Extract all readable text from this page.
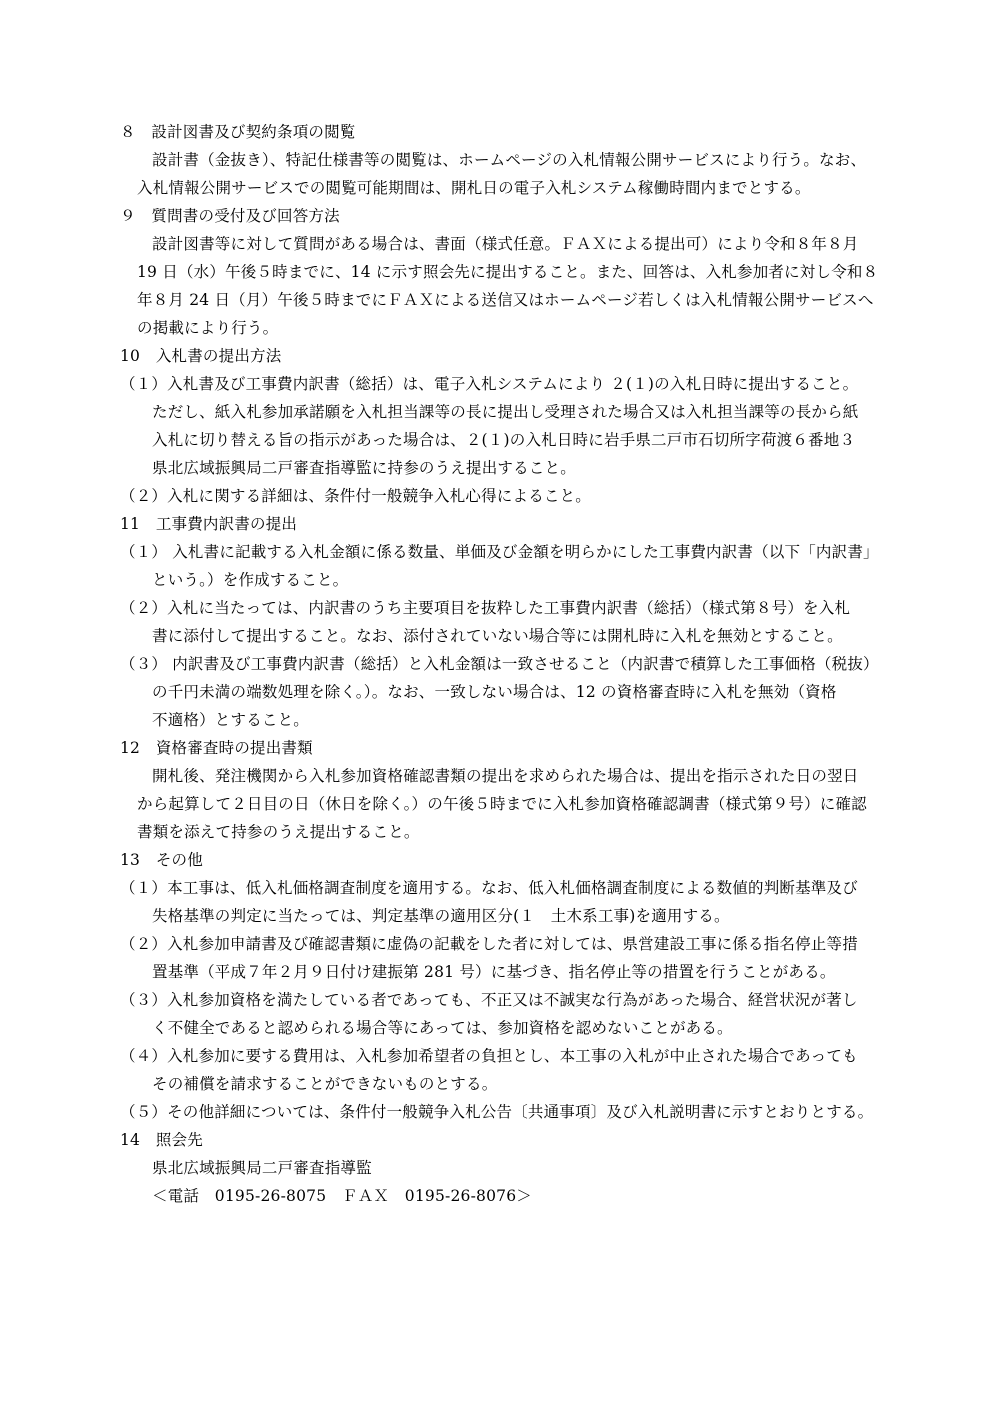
８　設計図書及び契約条項の閲覧
設計書（金抜き）、特記仕様書等の閲覧は、ホームページの入札情報公開サービスにより行う。なお、
入札情報公開サービスでの閲覧可能期間は、開札日の電子入札システム稼働時間内までとする。
９　質問書の受付及び回答方法
設計図書等に対して質問がある場合は、書面（様式任意。ＦＡＸによる提出可）により令和８年８月
19 日（水）午後５時までに、14 に示す照会先に提出すること。また、回答は、入札参加者に対し令和８
年８月 24 日（月）午後５時までにＦＡＸによる送信又はホームページ若しくは入札情報公開サービスへ
の掲載により行う。
10　入札書の提出方法
（１）入札書及び工事費内訳書（総括）は、電子入札システムにより ２(１)の入札日時に提出すること。
ただし、紙入札参加承諾願を入札担当課等の長に提出し受理された場合又は入札担当課等の長から紙
入札に切り替える旨の指示があった場合は、２(１)の入札日時に岩手県二戸市石切所字荷渡６番地３
県北広域振興局二戸審査指導監に持参のうえ提出すること。
（２）入札に関する詳細は、条件付一般競争入札心得によること。
11　工事費内訳書の提出
（１） 入札書に記載する入札金額に係る数量、単価及び金額を明らかにした工事費内訳書（以下「内訳書」
という。）を作成すること。
（２）入札に当たっては、内訳書のうち主要項目を抜粋した工事費内訳書（総括）（様式第８号）を入札
書に添付して提出すること。なお、添付されていない場合等には開札時に入札を無効とすること。
（３） 内訳書及び工事費内訳書（総括）と入札金額は一致させること（内訳書で積算した工事価格（税抜）
の千円未満の端数処理を除く。）。なお、一致しない場合は、12 の資格審査時に入札を無効（資格
不適格）とすること。
12　資格審査時の提出書類
開札後、発注機関から入札参加資格確認書類の提出を求められた場合は、提出を指示された日の翌日
から起算して２日目の日（休日を除く。）の午後５時までに入札参加資格確認調書（様式第９号）に確認
書類を添えて持参のうえ提出すること。
13　その他
（１）本工事は、低入札価格調査制度を適用する。なお、低入札価格調査制度による数値的判断基準及び
失格基準の判定に当たっては、判定基準の適用区分(１　土木系工事)を適用する。
（２）入札参加申請書及び確認書類に虚偽の記載をした者に対しては、県営建設工事に係る指名停止等措
置基準（平成７年２月９日付け建振第 281 号）に基づき、指名停止等の措置を行うことがある。
（３）入札参加資格を満たしている者であっても、不正又は不誠実な行為があった場合、経営状況が著し
く不健全であると認められる場合等にあっては、参加資格を認めないことがある。
（４）入札参加に要する費用は、入札参加希望者の負担とし、本工事の入札が中止された場合であっても
その補償を請求することができないものとする。
（５）その他詳細については、条件付一般競争入札公告〔共通事項〕及び入札説明書に示すとおりとする。
14　照会先
県北広域振興局二戸審査指導監
＜電話　0195-26-8075　ＦＡＸ　0195-26-8076＞
